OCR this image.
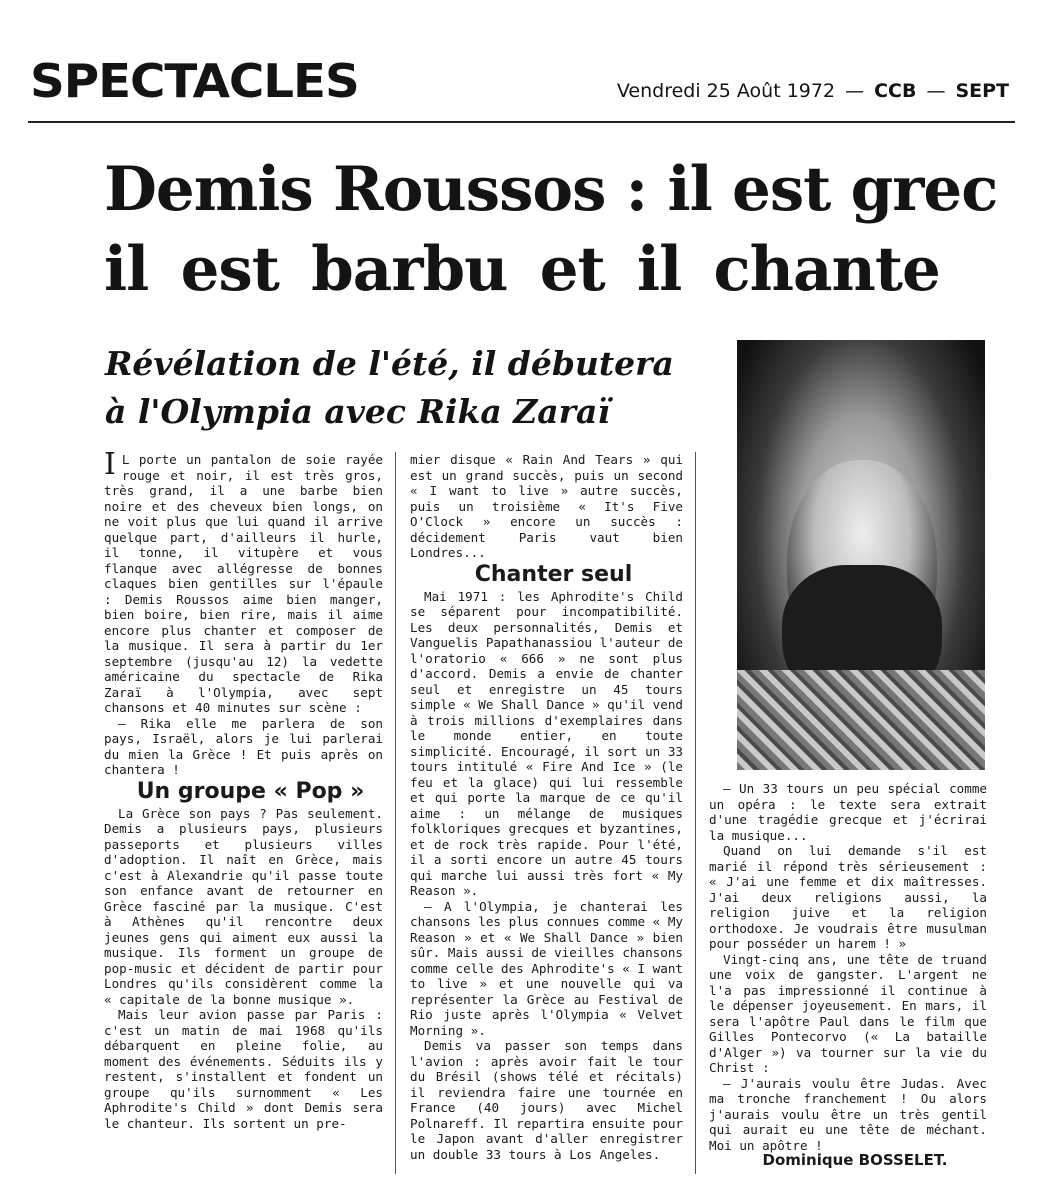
SPECTACLES	Vendredi 25 Août 1972 — CCB — SEPT
Demis Roussos : il est grec
il est barbu et il chante
Révélation de l'été, il débutera
à l'Olympia avec Rika Zaraï

I L porte un pantalon de soie rayée rouge et noir, il est très gros, très grand, il a une barbe bien noire et des cheveux bien longs, on ne voit plus que lui quand il arrive quelque part, d'ailleurs il hurle, il tonne, il vitupère et vous flanque avec allégresse de bonnes claques bien gentilles sur l'épaule : Demis Roussos aime bien manger, bien boire, bien rire, mais il aime encore plus chanter et composer de la musique. Il sera à partir du 1er septembre (jusqu'au 12) la vedette américaine du spectacle de Rika Zaraï à l'Olympia, avec sept chansons et 40 minutes sur scène :

— Rika elle me parlera de son pays, Israël, alors je lui parlerai du mien la Grèce ! Et puis après on chantera !

Un groupe « Pop »

La Grèce son pays ? Pas seulement. Demis a plusieurs pays, plusieurs passeports et plusieurs villes d'adoption. Il naît en Grèce, mais c'est à Alexandrie qu'il passe toute son enfance avant de retourner en Grèce fasciné par la musique. C'est à Athènes qu'il rencontre deux jeunes gens qui aiment eux aussi la musique. Ils forment un groupe de pop-music et décident de partir pour Londres qu'ils considèrent comme la « capitale de la bonne musique ».

Mais leur avion passe par Paris : c'est un matin de mai 1968 qu'ils débarquent en pleine folie, au moment des événements. Séduits ils y restent, s'installent et fondent un groupe qu'ils surnomment « Les Aphrodite's Child » dont Demis sera le chanteur. Ils sortent un pre-

mier disque « Rain And Tears » qui est un grand succès, puis un second « I want to live » autre succès, puis un troisième « It's Five O'Clock » encore un succès : décidement Paris vaut bien Londres...

Chanter seul

Mai 1971 : les Aphrodite's Child se séparent pour incompatibilité. Les deux personnalités, Demis et Vanguelis Papathanassiou l'auteur de l'oratorio « 666 » ne sont plus d'accord. Demis a envie de chanter seul et enregistre un 45 tours simple « We Shall Dance » qu'il vend à trois millions d'exemplaires dans le monde entier, en toute simplicité. Encouragé, il sort un 33 tours intitulé « Fire And Ice » (le feu et la glace) qui lui ressemble et qui porte la marque de ce qu'il aime : un mélange de musiques folkloriques grecques et byzantines, et de rock très rapide. Pour l'été, il a sorti encore un autre 45 tours qui marche lui aussi très fort « My Reason ».

— A l'Olympia, je chanterai les chansons les plus connues comme « My Reason » et « We Shall Dance » bien sûr. Mais aussi de vieilles chansons comme celle des Aphrodite's « I want to live » et une nouvelle qui va représenter la Grèce au Festival de Rio juste après l'Olympia « Velvet Morning ».

Demis va passer son temps dans l'avion : après avoir fait le tour du Brésil (shows télé et récitals) il reviendra faire une tournée en France (40 jours) avec Michel Polnareff. Il repartira ensuite pour le Japon avant d'aller enregistrer un double 33 tours à Los Angeles.

— Un 33 tours un peu spécial comme un opéra : le texte sera extrait d'une tragédie grecque et j'écrirai la musique...

Quand on lui demande s'il est marié il répond très sérieusement : « J'ai une femme et dix maîtresses. J'ai deux religions aussi, la religion juive et la religion orthodoxe. Je voudrais être musulman pour posséder un harem ! »

Vingt-cinq ans, une tête de truand une voix de gangster. L'argent ne l'a pas impressionné il continue à le dépenser joyeusement. En mars, il sera l'apôtre Paul dans le film que Gilles Pontecorvo (« La bataille d'Alger ») va tourner sur la vie du Christ :

— J'aurais voulu être Judas. Avec ma tronche franchement ! Ou alors j'aurais voulu être un très gentil qui aurait eu une tête de méchant. Moi un apôtre !

Dominique BOSSELET.
